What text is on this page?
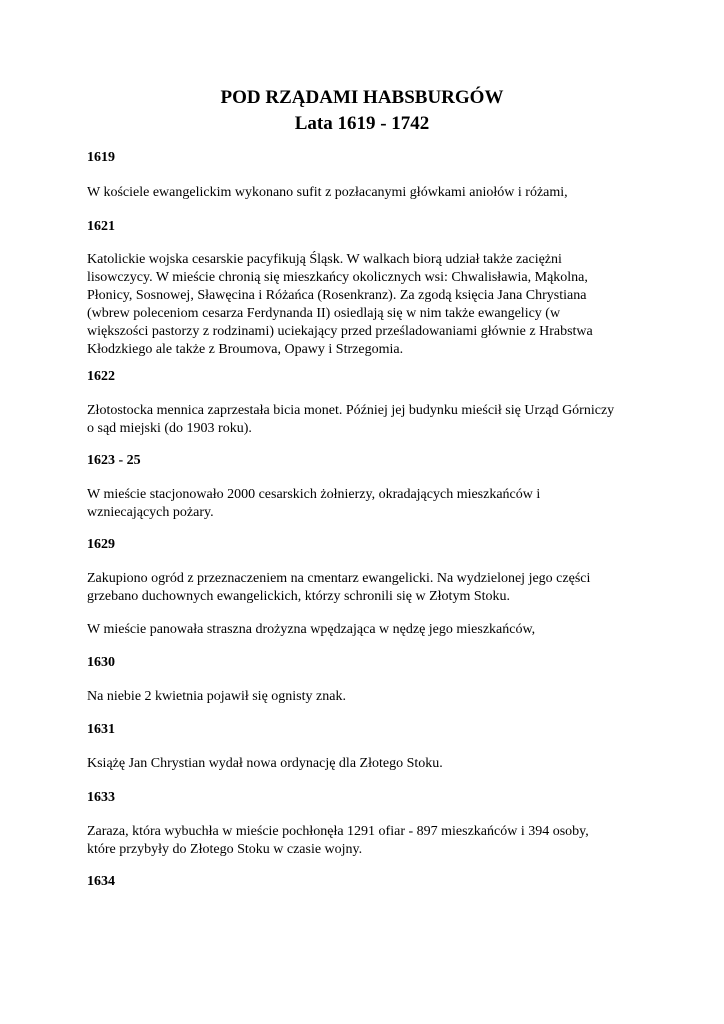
POD RZĄDAMI HABSBURGÓW
Lata 1619 - 1742
1619

W kościele ewangelickim wykonano sufit z pozłacanymi główkami aniołów i różami,

1621

Katolickie wojska cesarskie pacyfikują Śląsk. W walkach biorą udział także zaciężni
lisowczycy. W mieście chronią się mieszkańcy okolicznych wsi: Chwalisławia, Mąkolna,
Płonicy, Sosnowej, Sławęcina i Różańca (Rosenkranz). Za zgodą księcia Jana Chrystiana
(wbrew poleceniom cesarza Ferdynanda II) osiedlają się w nim także ewangelicy (w
większości pastorzy z rodzinami) uciekający przed prześladowaniami głównie z Hrabstwa
Kłodzkiego ale także z Broumova, Opawy i Strzegomia.

1622

Złotostocka mennica zaprzestała bicia monet. Później jej budynku mieścił się Urząd Górniczy
o sąd miejski (do 1903 roku).

1623 - 25

W mieście stacjonowało 2000 cesarskich żołnierzy, okradających mieszkańców i
wzniecających pożary.

1629

Zakupiono ogród z przeznaczeniem na cmentarz ewangelicki. Na wydzielonej jego części
grzebano duchownych ewangelickich, którzy schronili się w Złotym Stoku.

W mieście panowała straszna drożyzna wpędzająca w nędzę jego mieszkańców,

1630

Na niebie 2 kwietnia pojawił się ognisty znak.

1631

Książę Jan Chrystian wydał nowa ordynację dla Złotego Stoku.

1633

Zaraza, która wybuchła w mieście pochłonęła 1291 ofiar - 897 mieszkańców i 394 osoby,
które przybyły do Złotego Stoku w czasie wojny.

1634
